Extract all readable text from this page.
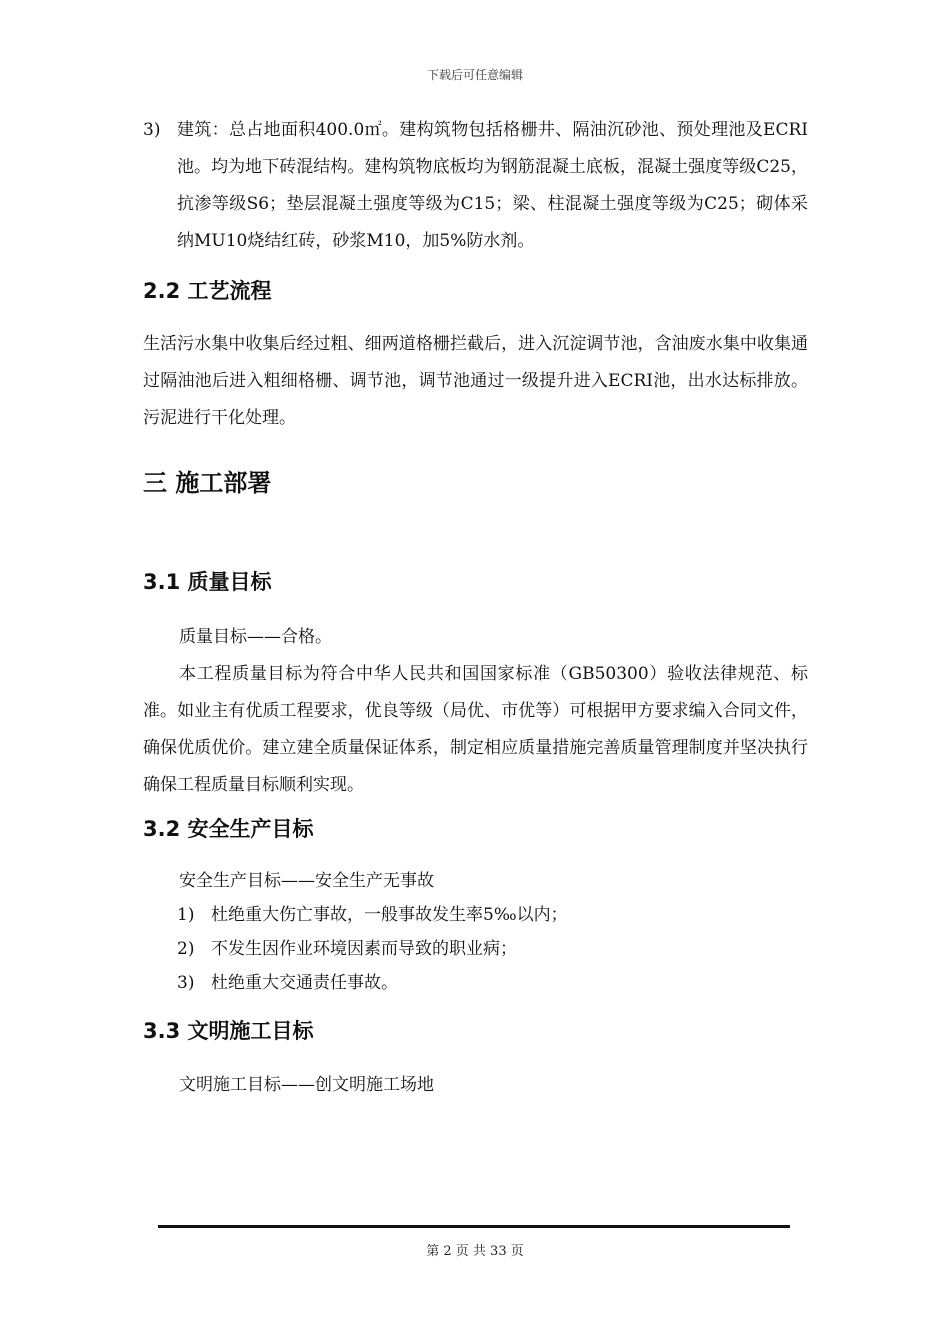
下载后可任意编辑
3) 建筑：总占地面积400.0㎡。建构筑物包括格栅井、隔油沉砂池、预处理池及ECRI池。均为地下砖混结构。建构筑物底板均为钢筋混凝土底板，混凝土强度等级C25，抗渗等级S6；垫层混凝土强度等级为C15；梁、柱混凝土强度等级为C25；砌体采纳MU10烧结红砖，砂浆M10，加5%防水剂。
2.2 工艺流程

生活污水集中收集后经过粗、细两道格栅拦截后，进入沉淀调节池，含油废水集中收集通过隔油池后进入粗细格栅、调节池，调节池通过一级提升进入ECRI池，出水达标排放。污泥进行干化处理。

三 施工部署
3.1 质量目标

质量目标——合格。

本工程质量目标为符合中华人民共和国国家标准（GB50300）验收法律规范、标准。如业主有优质工程要求，优良等级（局优、市优等）可根据甲方要求编入合同文件，确保优质优价。建立建全质量保证体系，制定相应质量措施完善质量管理制度并坚决执行确保工程质量目标顺利实现。

3.2 安全生产目标

安全生产目标——安全生产无事故

1) 杜绝重大伤亡事故，一般事故发生率5‰以内；
2) 不发生因作业环境因素而导致的职业病；
3) 杜绝重大交通责任事故。
3.3 文明施工目标

文明施工目标——创文明施工场地

第 2 页 共 33 页
